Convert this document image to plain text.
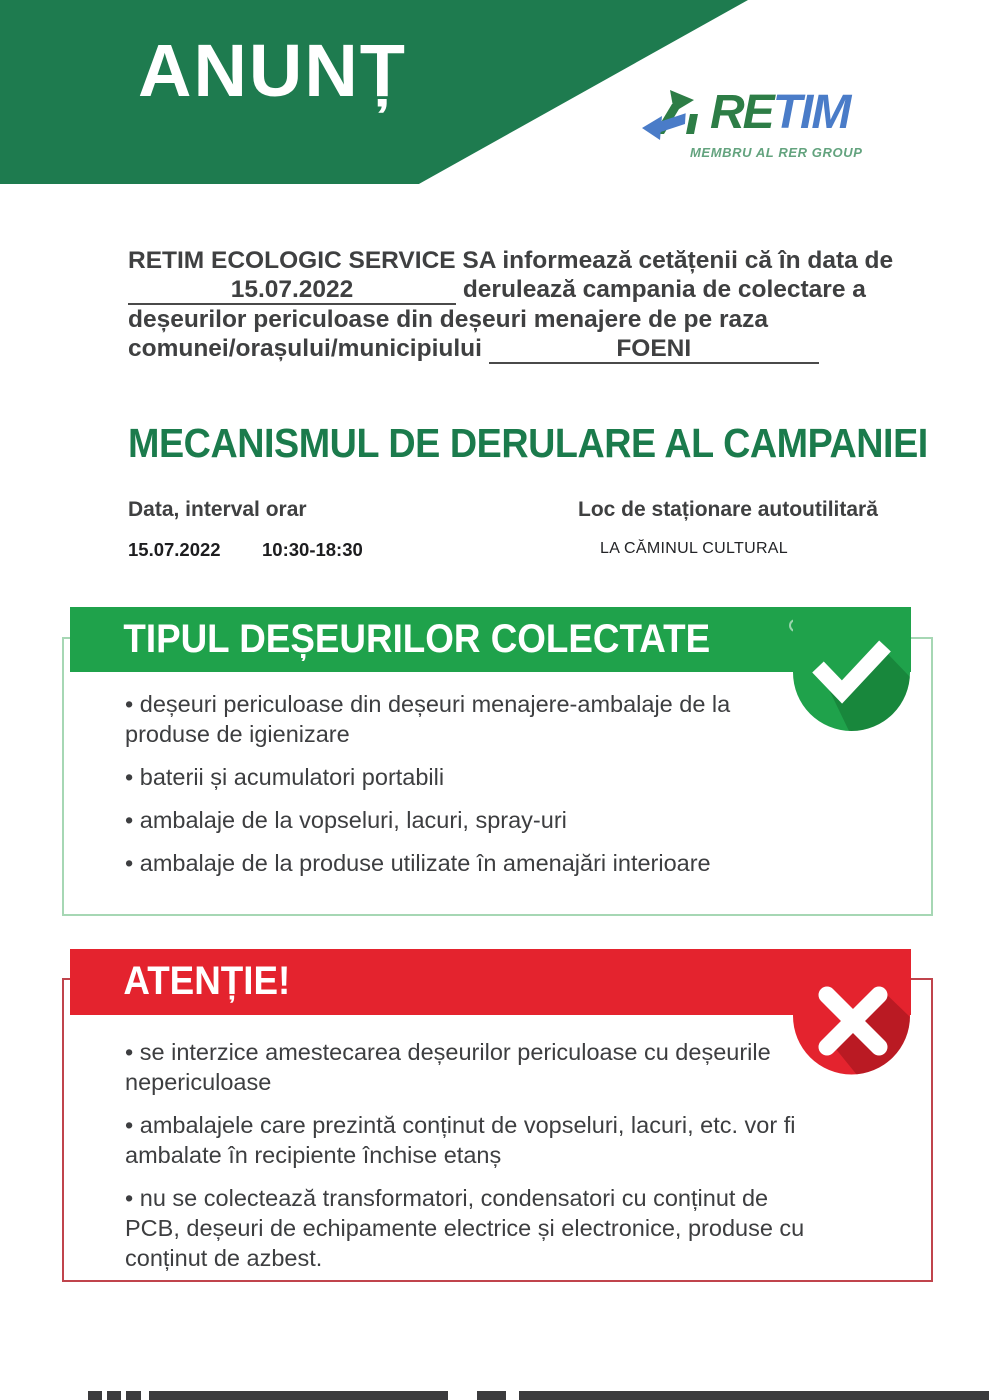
ANUNȚ
RETIM
MEMBRU AL RER GROUP
RETIM ECOLOGIC SERVICE SA informează cetățenii că în data de 15.07.2022	derulează campania de colectare a deșeurilor periculoase din deșeuri menajere de pe raza comunei/orașului/municipiului	FOENI
MECANISMUL DE DERULARE AL CAMPANIEI
Data, interval orar	Loc de staționare autoutilitară
15.07.2022 10:30-18:30	LA CĂMINUL CULTURAL
TIPUL DEȘEURILOR COLECTATE
• deșeuri periculoase din deșeuri menajere-ambalaje de la produse de igienizare
• baterii și acumulatori portabili
• ambalaje de la vopseluri, lacuri, spray-uri
• ambalaje de la produse utilizate în amenajări interioare
ATENȚIE!
• se interzice amestecarea deșeurilor periculoase cu deșeurile nepericuloase
• ambalajele care prezintă conținut de vopseluri, lacuri, etc. vor fi ambalate în recipiente închise etanș
• nu se colectează transformatori, condensatori cu conținut de PCB, deșeuri de echipamente electrice și electronice, produse cu conținut de azbest.
